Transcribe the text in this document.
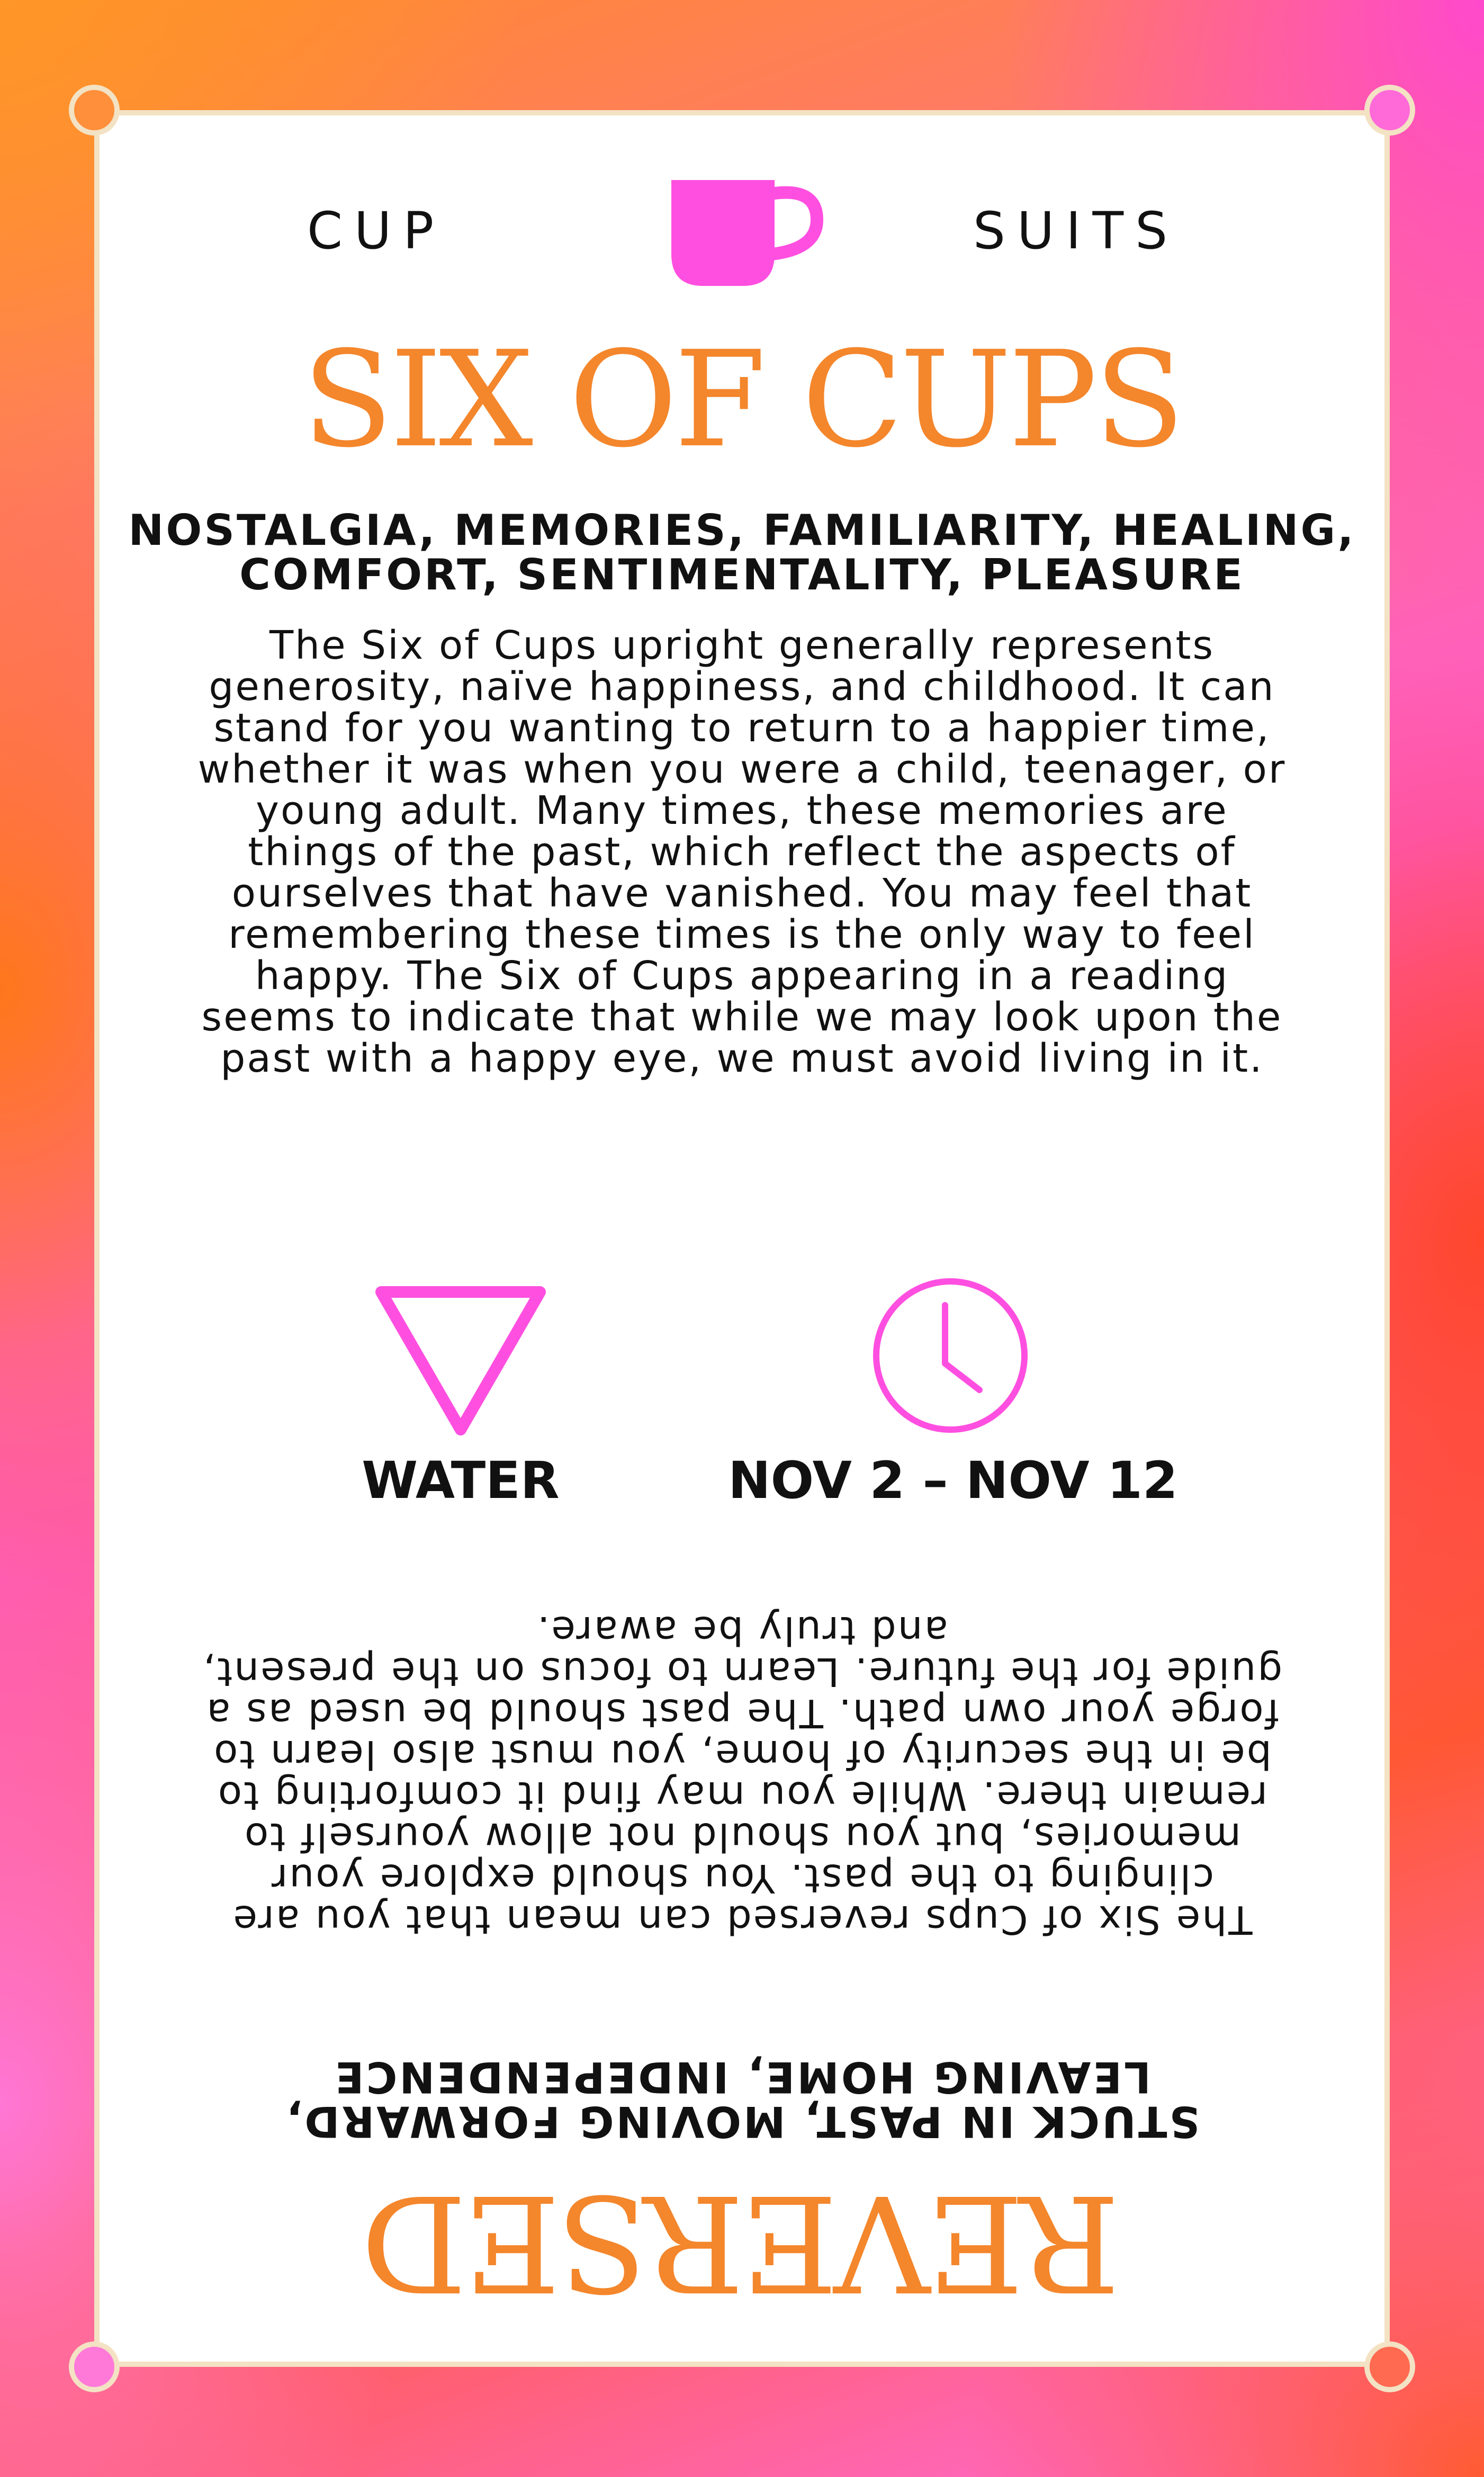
CUP	SUITS
SIX OF CUPS
NOSTALGIA, MEMORIES, FAMILIARITY, HEALING, COMFORT, SENTIMENTALITY, PLEASURE
The Six of Cups upright generally represents generosity, naïve happiness, and childhood. It can stand for you wanting to return to a happier time, whether it was when you were a child, teenager, or young adult. Many times, these memories are things of the past, which reflect the aspects of ourselves that have vanished. You may feel that remembering these times is the only way to feel happy. The Six of Cups appearing in a reading seems to indicate that while we may look upon the past with a happy eye, we must avoid living in it.
WATER	NOV 2 – NOV 12
The Six of Cups reversed can mean that you are clinging to the past. You should explore your memories, but you should not allow yourself to remain there. While you may find it comforting to be in the security of home, you must also learn to forge your own path. The past should be used as a guide for the future. Learn to focus on the present, and truly be aware.
STUCK IN PAST, MOVING FORWARD, LEAVING HOME, INDEPENDENCE
REVERSED
